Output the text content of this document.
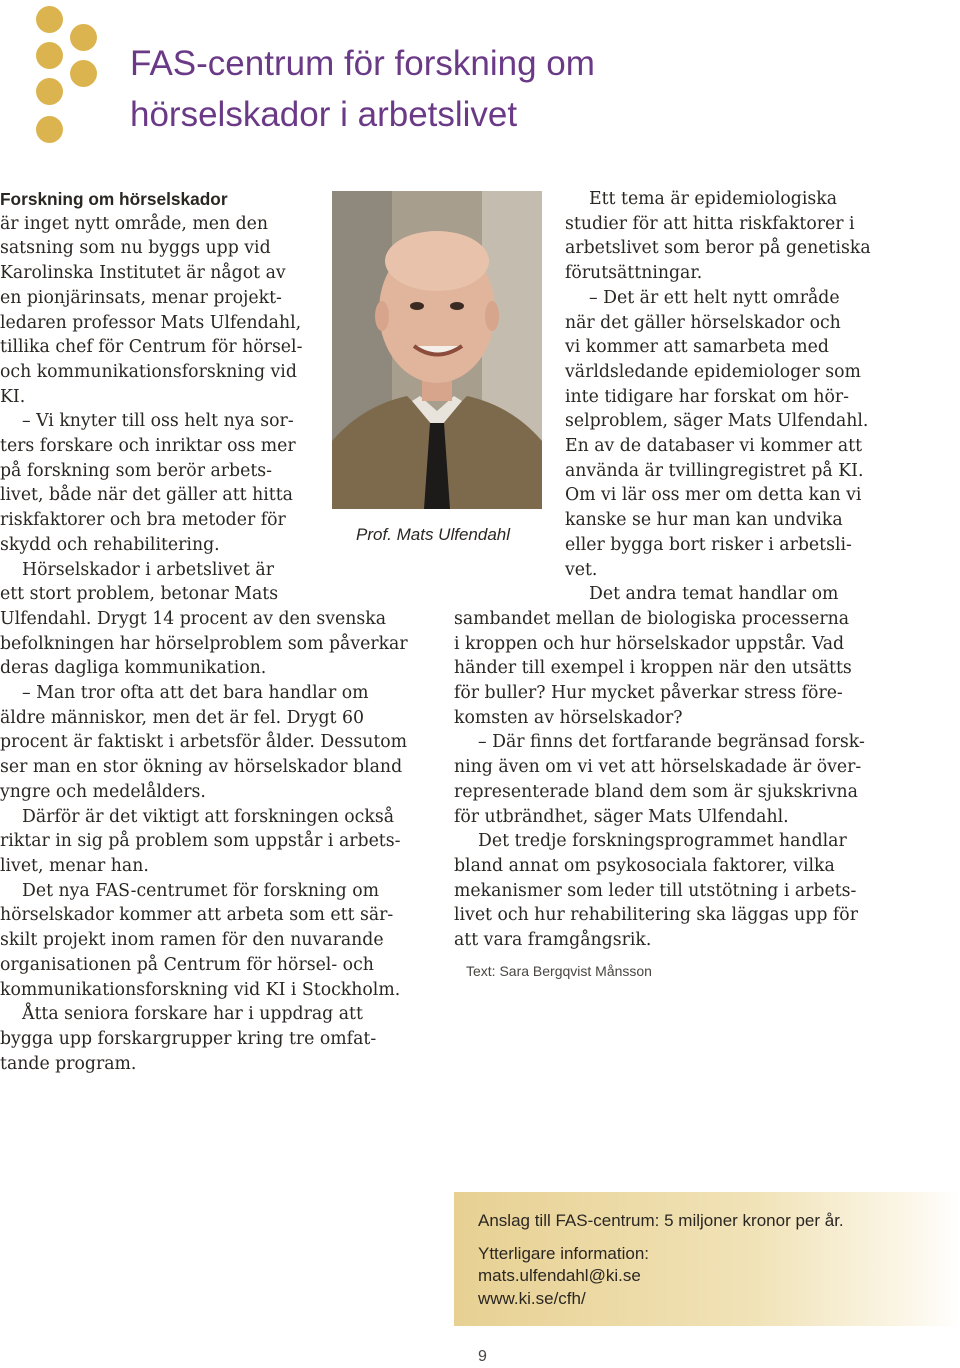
FAS-centrum för forskning om
hörselskador i arbetslivet

Forskning om hörselskador
är inget nytt område, men den
satsning som nu byggs upp vid
Karolinska Institutet är något av
en pionjärinsats, menar projekt-
ledaren professor Mats Ulfendahl,
tillika chef för Centrum för hörsel-
och kommunikationsforskning vid
KI.

– Vi knyter till oss helt nya sor-
ters forskare och inriktar oss mer
på forskning som berör arbets-
livet, både när det gäller att hitta
riskfaktorer och bra metoder för
skydd och rehabilitering.

Hörselskador i arbetslivet är
ett stort problem, betonar Mats

Ulfendahl. Drygt 14 procent av den svenska
befolkningen har hörselproblem som påverkar
deras dagliga kommunikation.

– Man tror ofta att det bara handlar om
äldre människor, men det är fel. Drygt 60
procent är faktiskt i arbetsför ålder. Dessutom
ser man en stor ökning av hörselskador bland
yngre och medelålders.

Därför är det viktigt att forskningen också
riktar in sig på problem som uppstår i arbets-
livet, menar han.

Det nya FAS-centrumet för forskning om
hörselskador kommer att arbeta som ett sär-
skilt projekt inom ramen för den nuvarande
organisationen på Centrum för hörsel- och
kommunikationsforskning vid KI i Stockholm.

Åtta seniora forskare har i uppdrag att
bygga upp forskargrupper kring tre omfat-
tande program.

Prof. Mats Ulfendahl

Ett tema är epidemiologiska
studier för att hitta riskfaktorer i
arbetslivet som beror på genetiska
förutsättningar.

– Det är ett helt nytt område
när det gäller hörselskador och
vi kommer att samarbeta med
världsledande epidemiologer som
inte tidigare har forskat om hör-
selproblem, säger Mats Ulfendahl.
En av de databaser vi kommer att
använda är tvillingregistret på KI.
Om vi lär oss mer om detta kan vi
kanske se hur man kan undvika
eller bygga bort risker i arbetsli-
vet.

Det andra temat handlar om

sambandet mellan de biologiska processerna
i kroppen och hur hörselskador uppstår. Vad
händer till exempel i kroppen när den utsätts
för buller? Hur mycket påverkar stress före-
komsten av hörselskador?

– Där finns det fortfarande begränsad forsk-
ning även om vi vet att hörselskadade är över-
representerade bland dem som är sjukskrivna
för utbrändhet, säger Mats Ulfendahl.

Det tredje forskningsprogrammet handlar
bland annat om psykosociala faktorer, vilka
mekanismer som leder till utstötning i arbets-
livet och hur rehabilitering ska läggas upp för
att vara framgångsrik.

Text: Sara Bergqvist Månsson

Anslag till FAS-centrum: 5 miljoner kronor per år.

Ytterligare information:

mats.ulfendahl@ki.se

www.ki.se/cfh/

9
